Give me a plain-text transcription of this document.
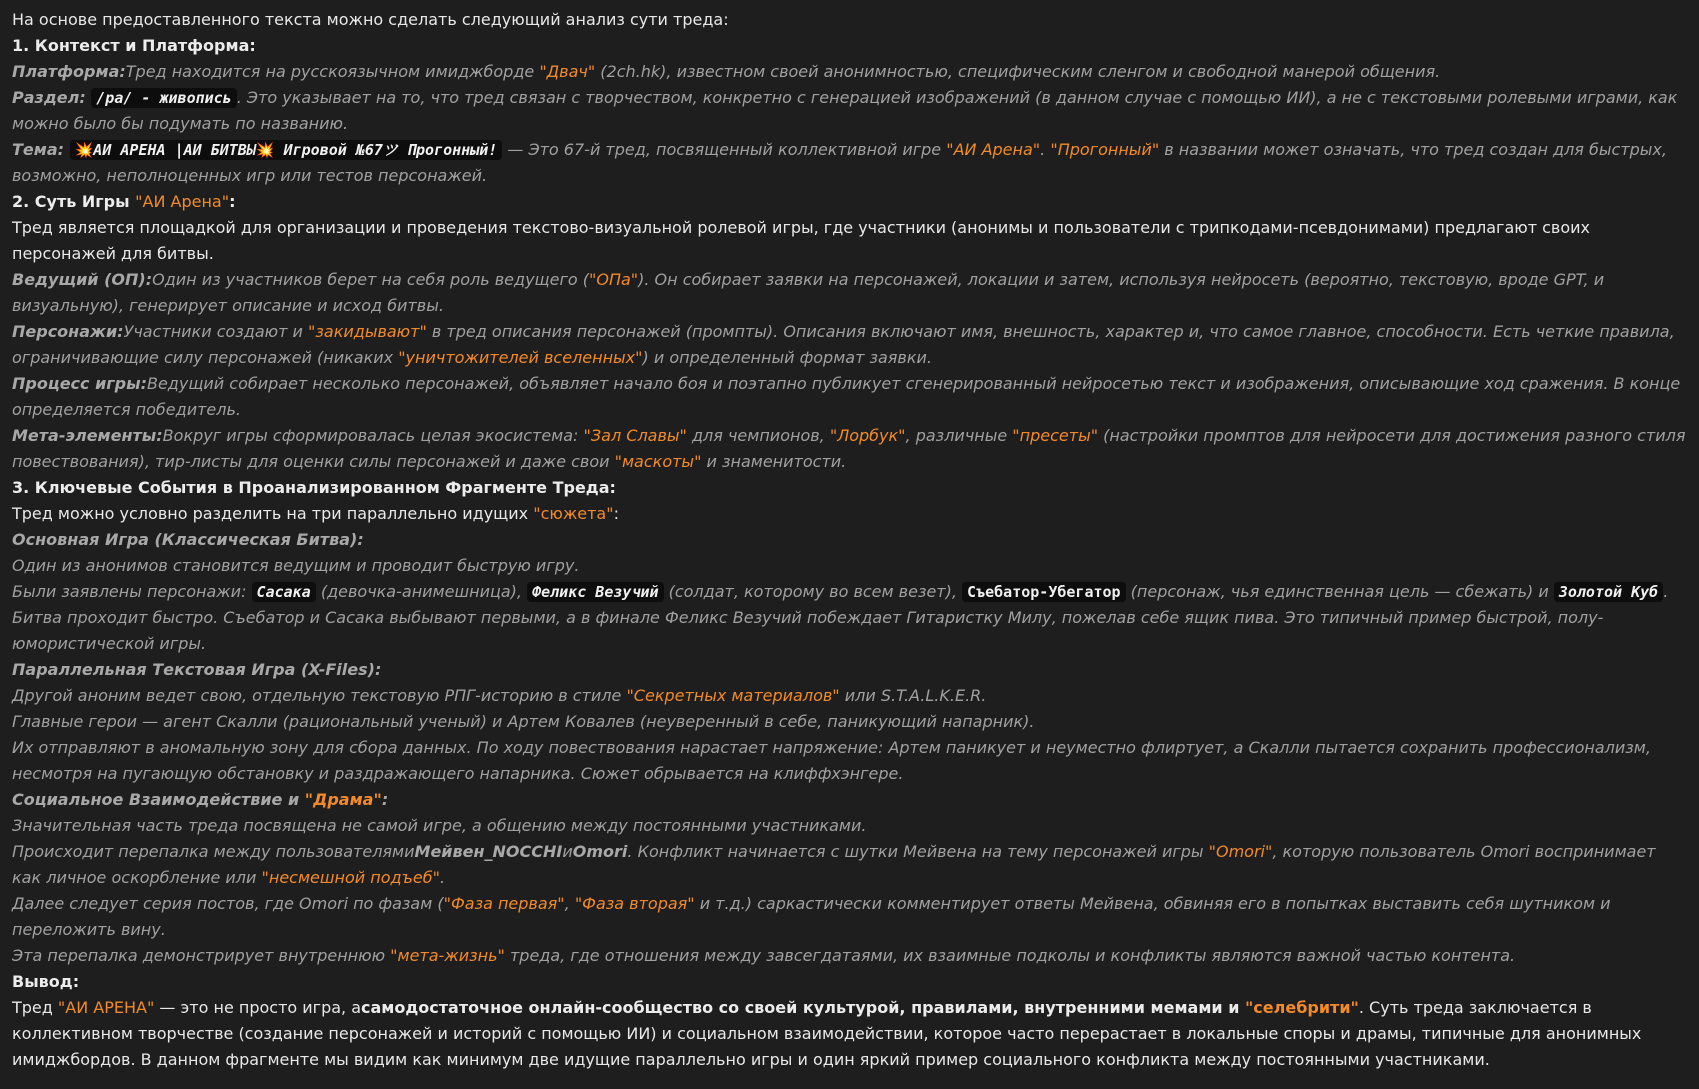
На основе предоставленного текста можно сделать следующий анализ сути треда:

1. Контекст и Платформа:

Платформа:Тред находится на русскоязычном имиджборде "Двач" (2ch.hk), известном своей анонимностью, специфическим сленгом и свободной манерой общения.

Раздел: /pa/ - живопись . Это указывает на то, что тред связан с творчеством, конкретно с генерацией изображений (в данном случае с помощью ИИ), а не с текстовыми ролевыми играми, как можно было бы подумать по названию.

Тема: 💥АИ АРЕНА |АИ БИТВЫ💥 Игровой №67ツ Прогонный! — Это 67-й тред, посвященный коллективной игре "АИ Арена". "Прогонный" в названии может означать, что тред создан для быстрых, возможно, неполноценных игр или тестов персонажей.

2. Суть Игры "АИ Арена":

Тред является площадкой для организации и проведения текстово-визуальной ролевой игры, где участники (анонимы и пользователи с трипкодами-псевдонимами) предлагают своих персонажей для битвы.

Ведущий (ОП):Один из участников берет на себя роль ведущего ("ОПа"). Он собирает заявки на персонажей, локации и затем, используя нейросеть (вероятно, текстовую, вроде GPT, и визуальную), генерирует описание и исход битвы.

Персонажи:Участники создают и "закидывают" в тред описания персонажей (промпты). Описания включают имя, внешность, характер и, что самое главное, способности. Есть четкие правила, ограничивающие силу персонажей (никаких "уничтожителей вселенных") и определенный формат заявки.

Процесс игры:Ведущий собирает несколько персонажей, объявляет начало боя и поэтапно публикует сгенерированный нейросетью текст и изображения, описывающие ход сражения. В конце определяется победитель.

Мета-элементы:Вокруг игры сформировалась целая экосистема: "Зал Славы" для чемпионов, "Лорбук", различные "пресеты" (настройки промптов для нейросети для достижения разного стиля повествования), тир-листы для оценки силы персонажей и даже свои "маскоты" и знаменитости.

3. Ключевые События в Проанализированном Фрагменте Треда:

Тред можно условно разделить на три параллельно идущих "сюжета":

Основная Игра (Классическая Битва):

Один из анонимов становится ведущим и проводит быструю игру.

Были заявлены персонажи: Сасака (девочка-анимешница), Феликс Везучий (солдат, которому во всем везет), Съебатор-Убегатор (персонаж, чья единственная цель — сбежать) и Золотой Куб .

Битва проходит быстро. Съебатор и Сасака выбывают первыми, а в финале Феликс Везучий побеждает Гитаристку Милу, пожелав себе ящик пива. Это типичный пример быстрой, полу-юмористической игры.

Параллельная Текстовая Игра (X-Files):

Другой аноним ведет свою, отдельную текстовую РПГ-историю в стиле "Секретных материалов" или S.T.A.L.K.E.R.

Главные герои — агент Скалли (рациональный ученый) и Артем Ковалев (неуверенный в себе, паникующий напарник).

Их отправляют в аномальную зону для сбора данных. По ходу повествования нарастает напряжение: Артем паникует и неуместно флиртует, а Скалли пытается сохранить профессионализм, несмотря на пугающую обстановку и раздражающего напарника. Сюжет обрывается на клиффхэнгере.

Социальное Взаимодействие и "Драма":

Значительная часть треда посвящена не самой игре, а общению между постоянными участниками.

Происходит перепалка между пользователямиМейвен_NOCCHIиOmori. Конфликт начинается с шутки Мейвена на тему персонажей игры "Omori", которую пользователь Omori воспринимает как личное оскорбление или "несмешной подъеб".

Далее следует серия постов, где Omori по фазам ("Фаза первая", "Фаза вторая" и т.д.) саркастически комментирует ответы Мейвена, обвиняя его в попытках выставить себя шутником и переложить вину.

Эта перепалка демонстрирует внутреннюю "мета-жизнь" треда, где отношения между завсегдатаями, их взаимные подколы и конфликты являются важной частью контента.

Вывод:

Тред "АИ АРЕНА" — это не просто игра, асамодостаточное онлайн-сообщество со своей культурой, правилами, внутренними мемами и "селебрити". Суть треда заключается в коллективном творчестве (создание персонажей и историй с помощью ИИ) и социальном взаимодействии, которое часто перерастает в локальные споры и драмы, типичные для анонимных имиджбордов. В данном фрагменте мы видим как минимум две идущие параллельно игры и один яркий пример социального конфликта между постоянными участниками.
